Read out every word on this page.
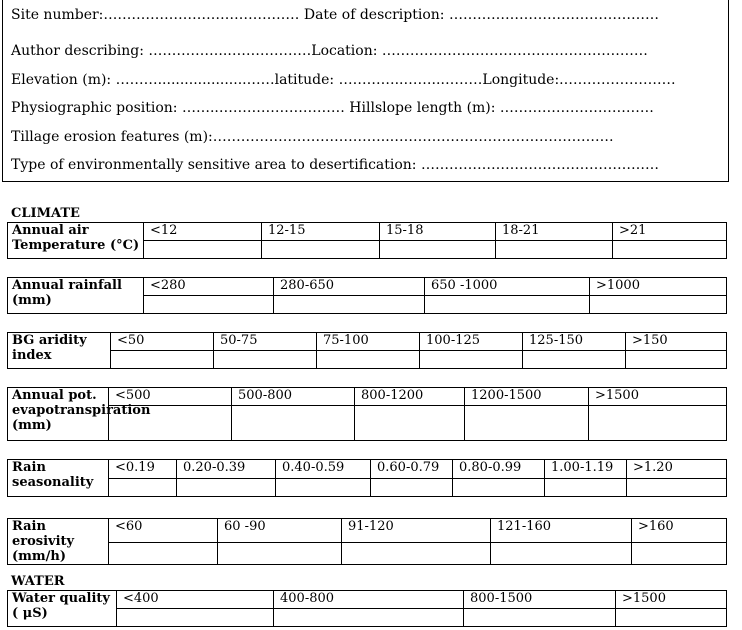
Site number:…………………………………… Date of description: ………………………………………
Author describing: ……………..………………Location: …………………………………………………
Elevation (m): ………....................……latitude: …………..……..………Longitude:.……………………
Physiographic position: ……..……………………… Hillslope length (m): ……………………………
Tillage erosion features (m):………………………………..…………………………………………
Type of environmentally sensitive area to desertification: ……………………………………………
CLIMATE
Annual air Temperature (°C)	<12	12-15	15-18	18-21	>21

Annual rainfall (mm)	<280	280-650	650 -1000	>1000

BG aridity index	<50	50-75	75-100	100-125	125-150	>150

Annual pot. evapotranspiration (mm)	<500	500-800	800-1200	1200-1500	>1500

Rain seasonality	<0.19	0.20-0.39	0.40-0.59	0.60-0.79	0.80-0.99	1.00-1.19	>1.20

Rain erosivity (mm/h)	<60	60 -90	91-120	121-160	>160

WATER
Water quality ( μS)	<400	400-800	800-1500	>1500
